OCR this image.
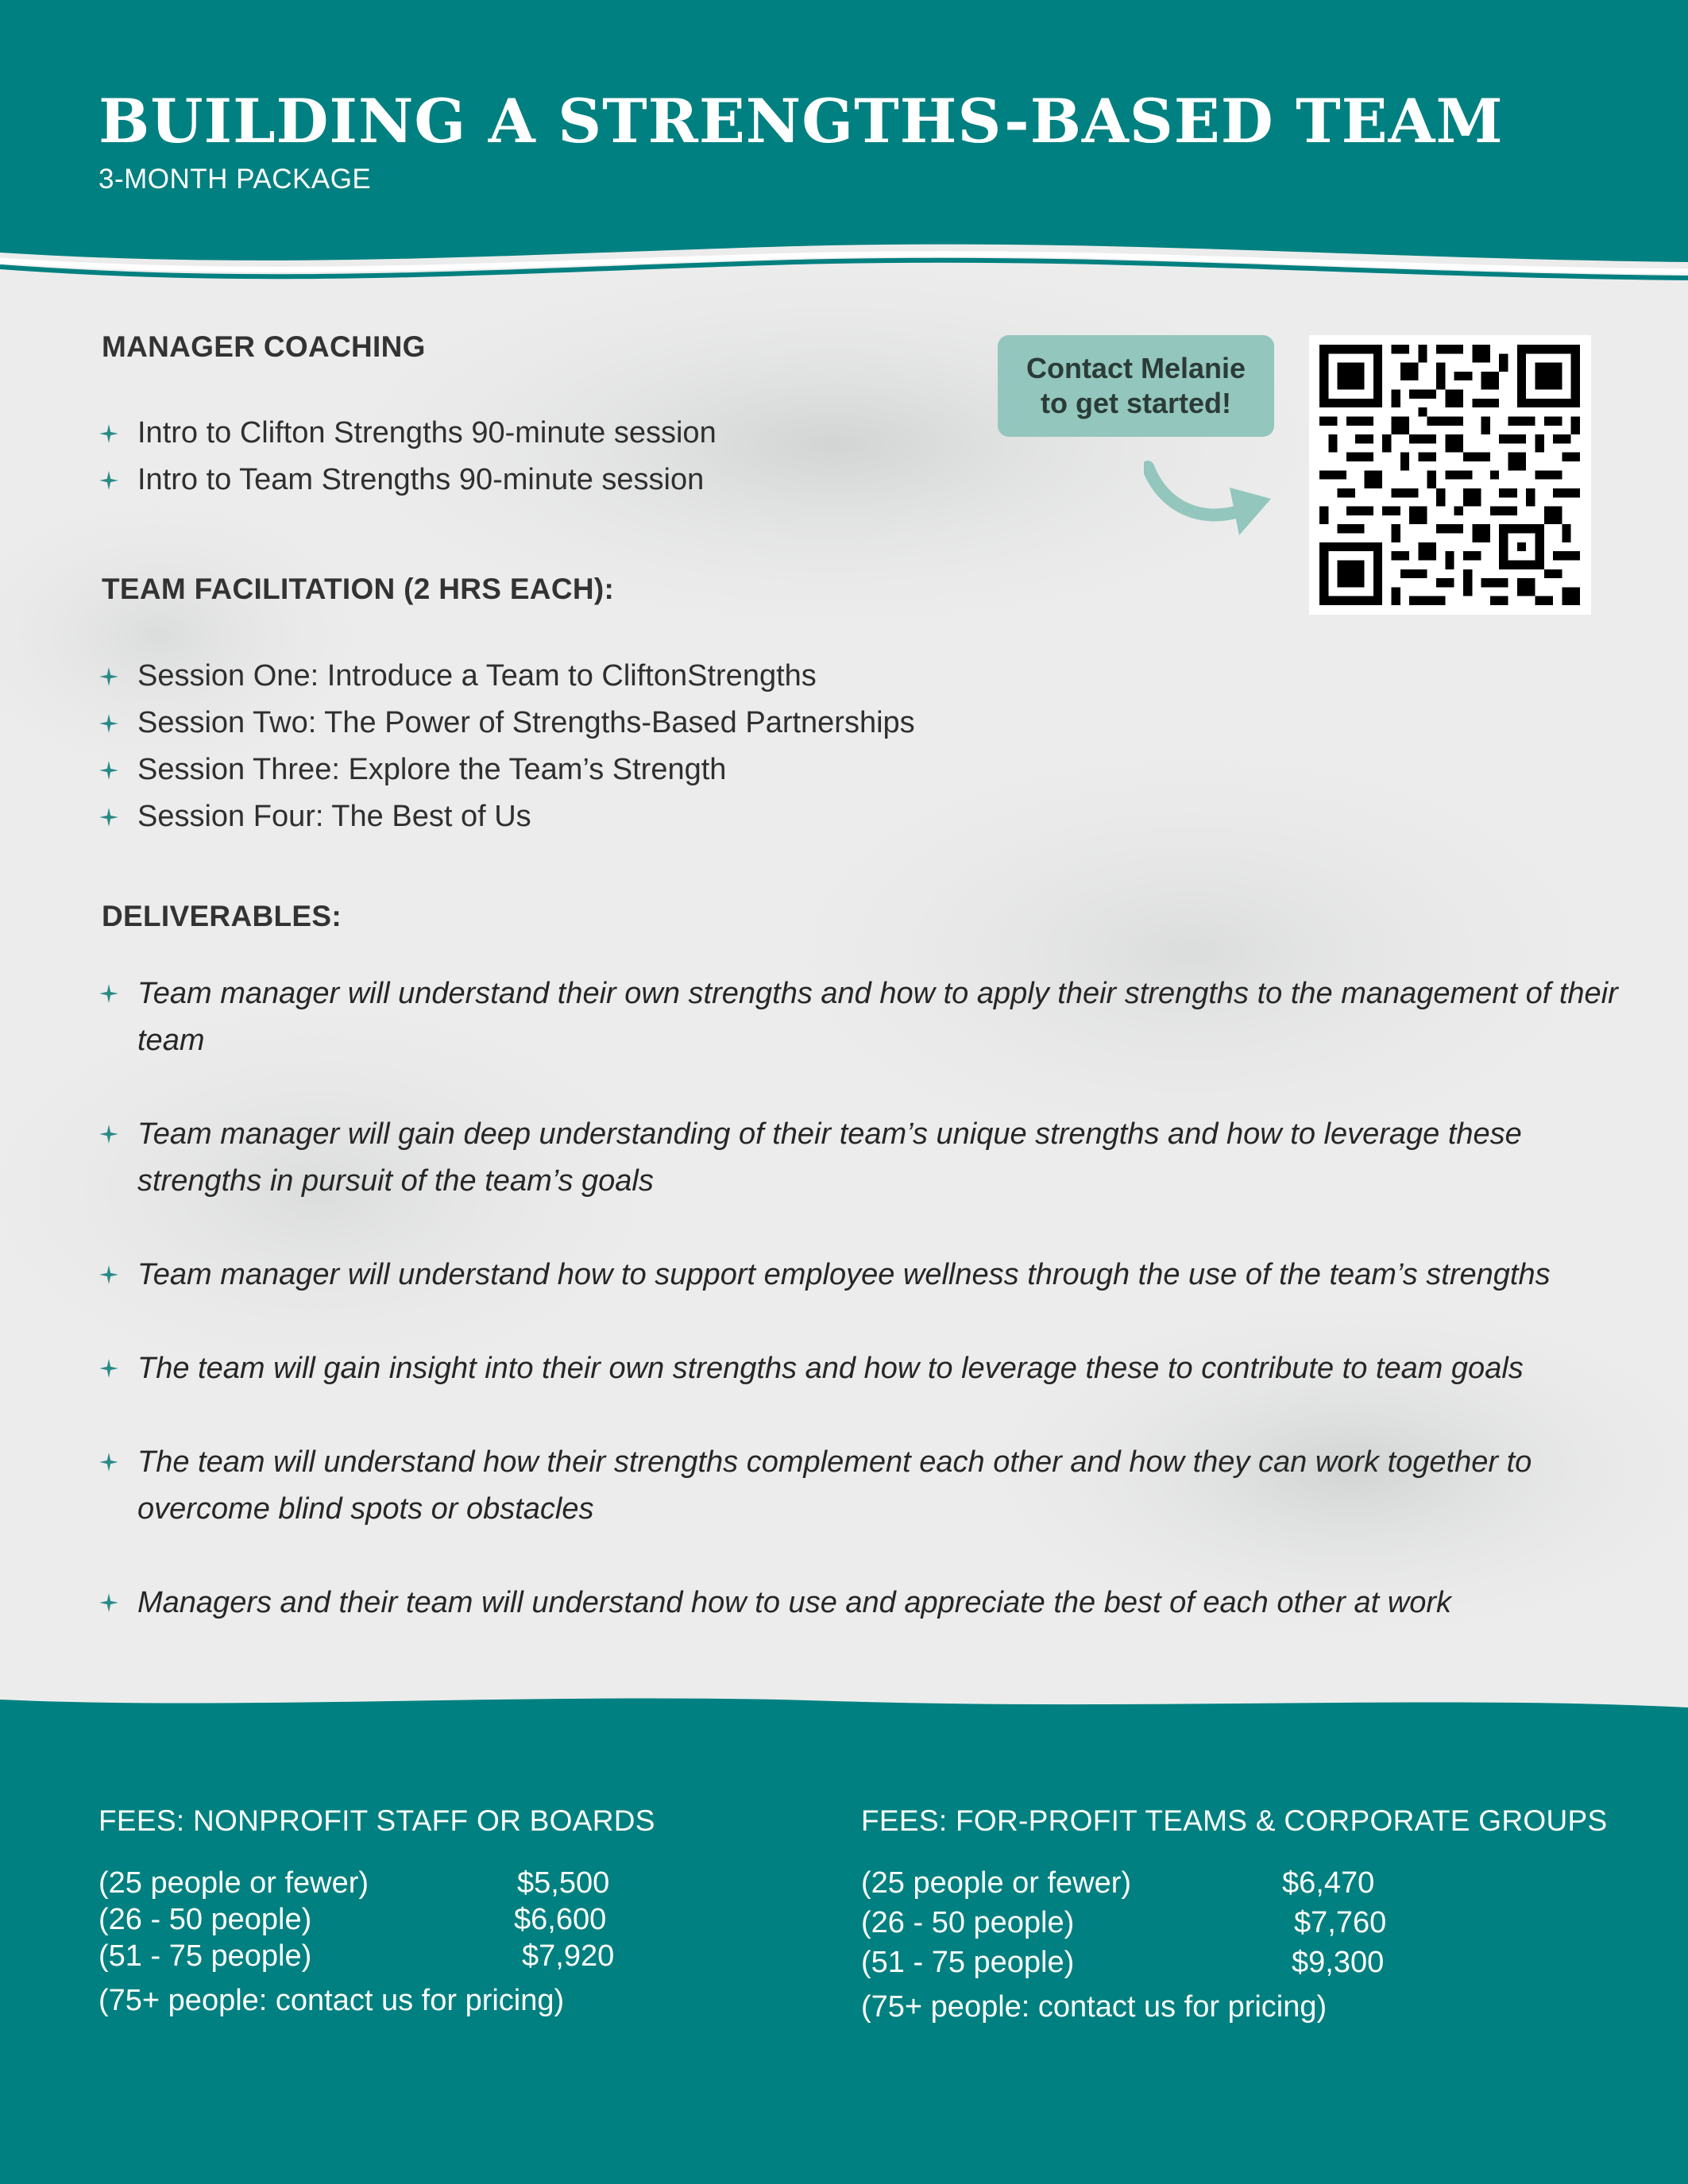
BUILDING A STRENGTHS-BASED TEAM
3-MONTH PACKAGE
MANAGER COACHING
Intro to Clifton Strengths 90-minute session
Intro to Team Strengths 90-minute session
TEAM FACILITATION (2 HRS EACH):
Session One: Introduce a Team to CliftonStrengths
Session Two: The Power of Strengths-Based Partnerships
Session Three: Explore the Team’s Strength
Session Four: The Best of Us
DELIVERABLES:
Team manager will understand their own strengths and how to apply their strengths to the management of their team
Team manager will gain deep understanding of their team’s unique strengths and how to leverage these strengths in pursuit of the team’s goals
Team manager will understand how to support employee wellness through the use of the team’s strengths
The team will gain insight into their own strengths and how to leverage these to contribute to team goals
The team will understand how their strengths complement each other and how they can work together to overcome blind spots or obstacles
Managers and their team will understand how to use and appreciate the best of each other at work
Contact Melanie
to get started!
FEES: NONPROFIT STAFF OR BOARDS
(25 people or fewer)	$5,500
(26 - 50 people)	$6,600
(51 - 75 people)	$7,920
(75+ people: contact us for pricing)
FEES: FOR-PROFIT TEAMS & CORPORATE GROUPS
(25 people or fewer)	$6,470
(26 - 50 people)	$7,760
(51 - 75 people)	$9,300
(75+ people: contact us for pricing)
